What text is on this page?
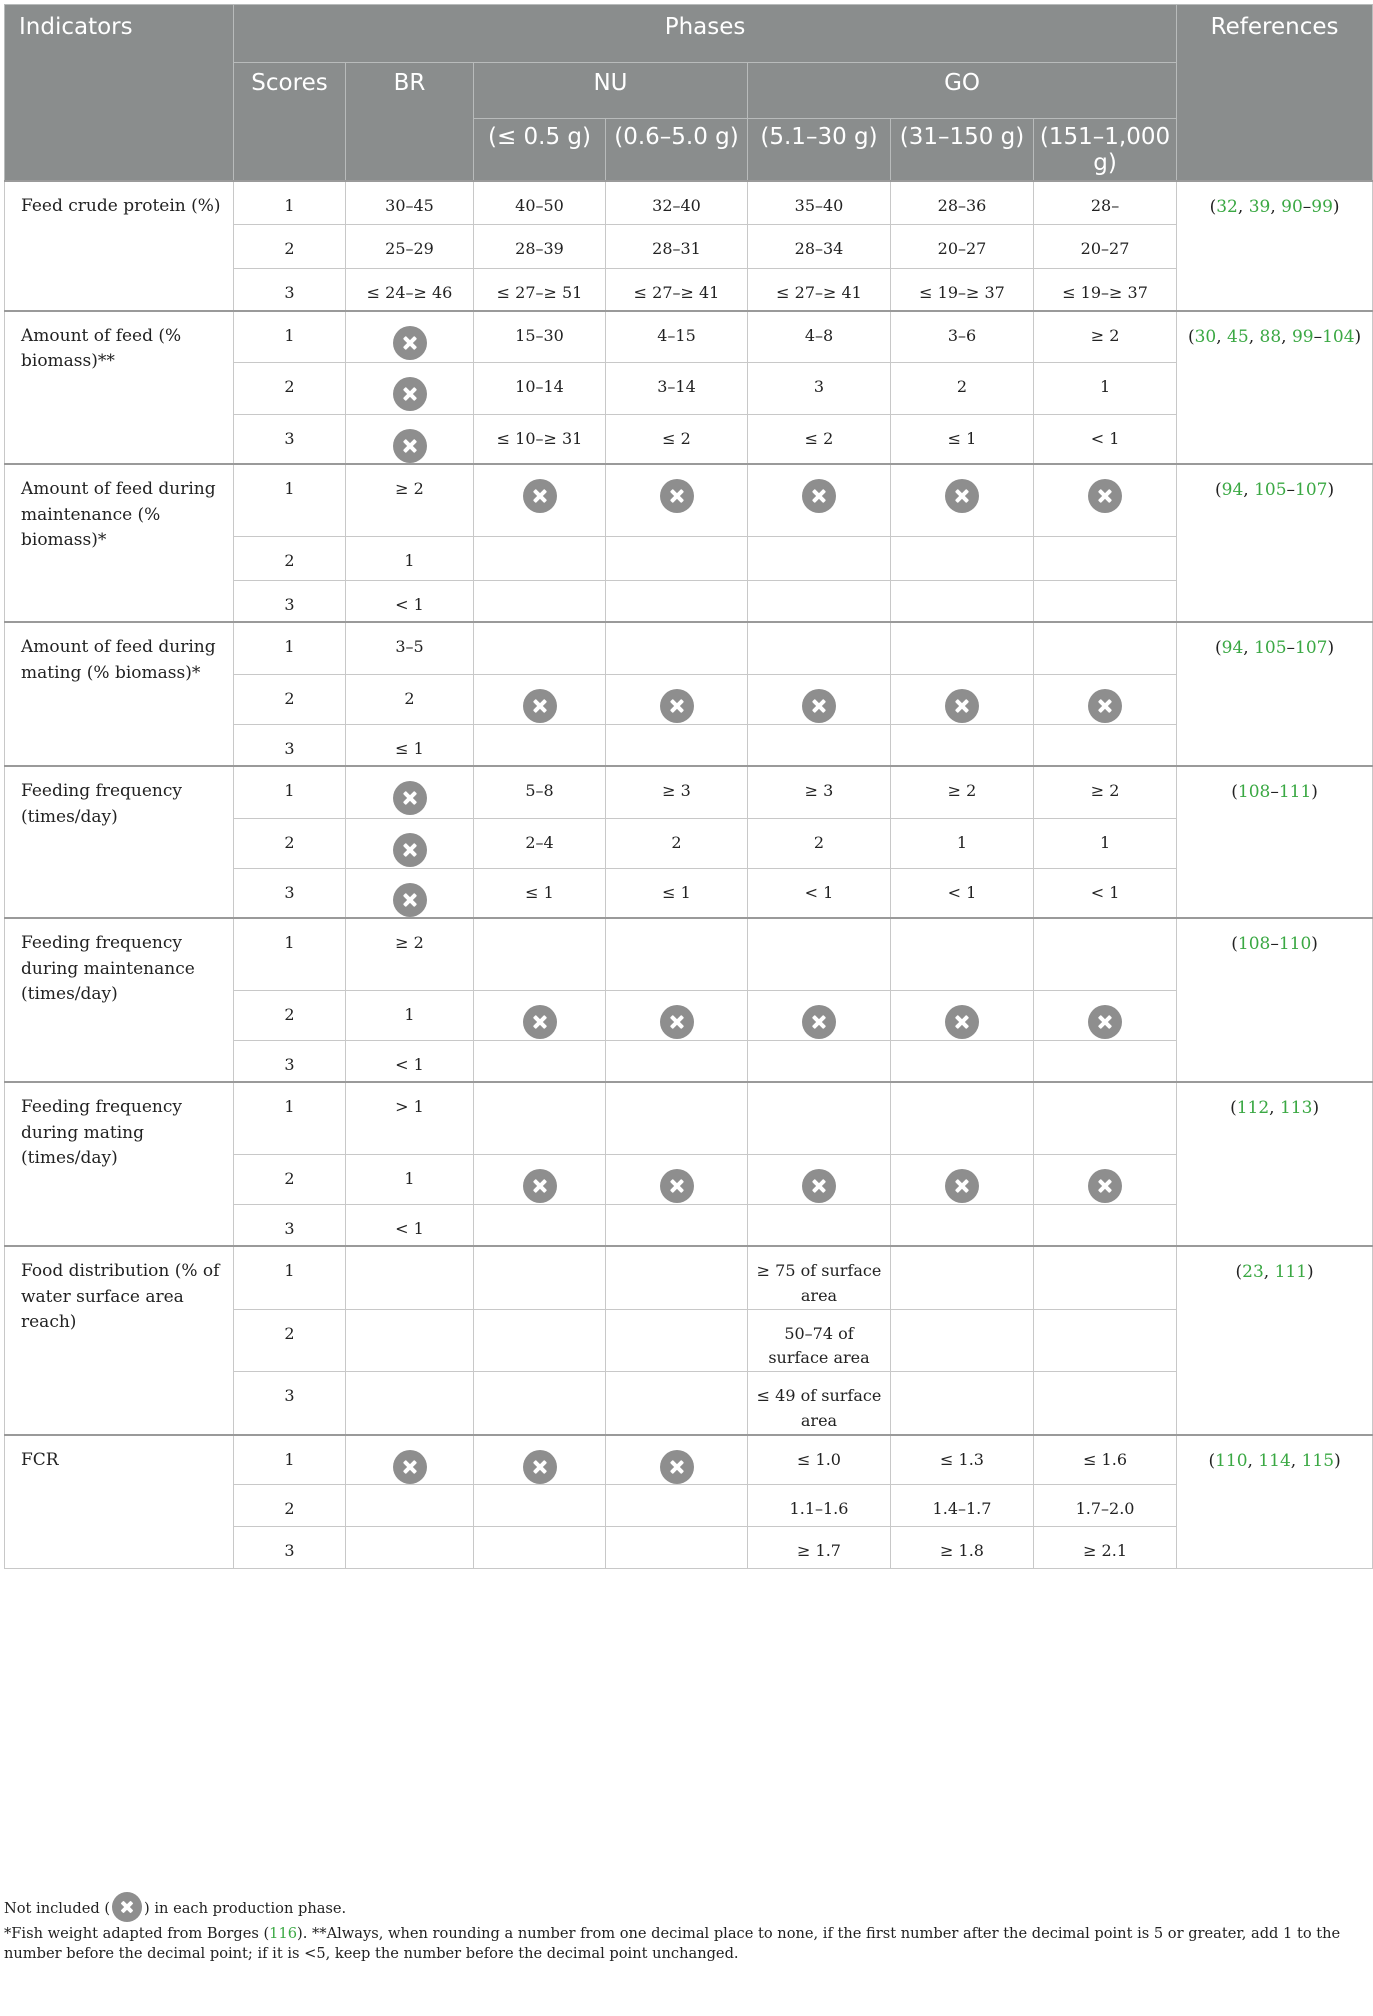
Indicators	Phases							References
	Scores	BR	NU		GO			
			(≤ 0.5 g)	(0.6–5.0 g)	(5.1–30 g)	(31–150 g)	(151–1,000 g)	
Feed crude protein (%)	1	30–45	40–50	32–40	35–40	28–36	28–	(32, 39, 90–99)
	2	25–29	28–39	28–31	28–34	20–27	20–27	
	3	≤ 24–≥ 46	≤ 27–≥ 51	≤ 27–≥ 41	≤ 27–≥ 41	≤ 19–≥ 37	≤ 19–≥ 37	
Amount of feed (% biomass)**	1		15–30	4–15	4–8	3–6	≥ 2	(30, 45, 88, 99–104)
	2		10–14	3–14	3	2	1	
	3		≤ 10–≥ 31	≤ 2	≤ 2	≤ 1	< 1	
Amount of feed during maintenance (% biomass)*	1	≥ 2						(94, 105–107)
	2	1						
	3	< 1						
Amount of feed during mating (% biomass)*	1	3–5						(94, 105–107)
	2	2						
	3	≤ 1						
Feeding frequency (times/day)	1		5–8	≥ 3	≥ 3	≥ 2	≥ 2	(108–111)
	2		2–4	2	2	1	1	
	3		≤ 1	≤ 1	< 1	< 1	< 1	
Feeding frequency during maintenance (times/day)	1	≥ 2						(108–110)
	2	1						
	3	< 1						
Feeding frequency during mating (times/day)	1	> 1						(112, 113)
	2	1						
	3	< 1						
Food distribution (% of water surface area reach)	1				≥ 75 of surface area			(23, 111)
	2				50–74 of surface area			
	3				≤ 49 of surface area			
FCR	1				≤ 1.0	≤ 1.3	≤ 1.6	(110, 114, 115)
	2				1.1–1.6	1.4–1.7	1.7–2.0	
	3				≥ 1.7	≥ 1.8	≥ 2.1	

Not included ( ) in each production phase.

*Fish weight adapted from Borges (116). **Always, when rounding a number from one decimal place to none, if the first number after the decimal point is 5 or greater, add 1 to the number before the decimal point; if it is <5, keep the number before the decimal point unchanged.
